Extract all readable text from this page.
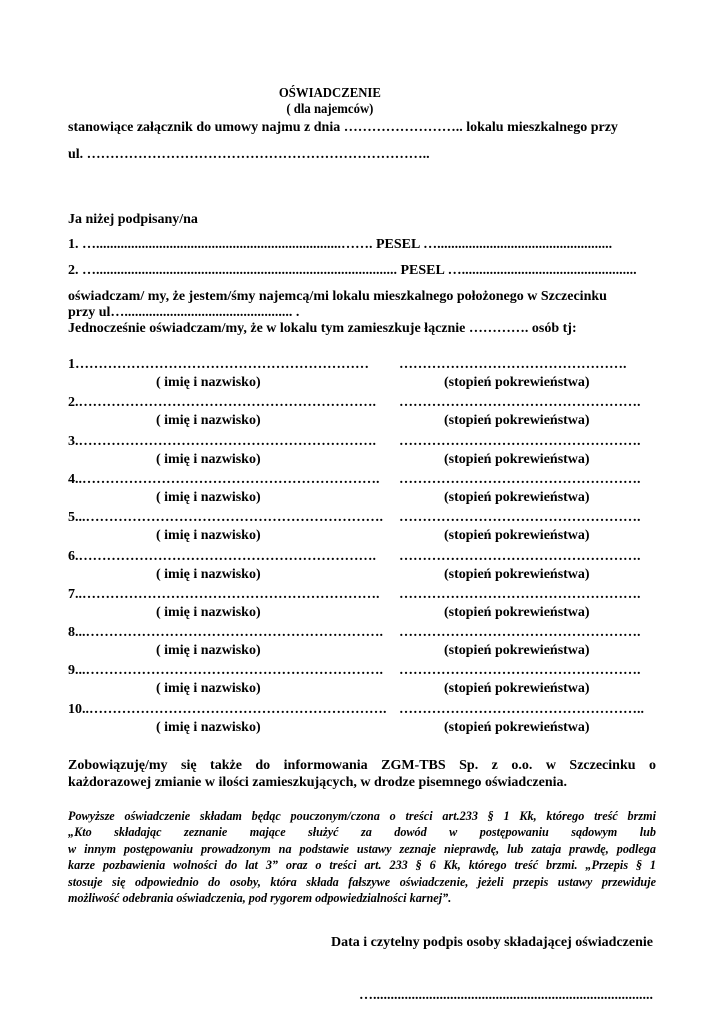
OŚWIADCZENIE
( dla najemców)
stanowiące załącznik do umowy najmu z dnia …………………….. lokalu mieszkalnego przy
ul. ………………………………………………………………..
Ja niżej podpisany/na
1. …......................................................................……. PESEL …..................................................
2. …...................................................................................... PESEL …..................................................
oświadczam/ my, że jestem/śmy najemcą/mi lokalu mieszkalnego położonego w Szczecinku
przy ul…................................................ .
Jednocześnie oświadczam/my, że w lokalu tym zamieszkuje łącznie …………. osób tj:
1……………………………………………………… ………………………………………….
( imię i nazwisko)	(stopień pokrewieństwa)
2.………………………………………………………. …………………………………………….
( imię i nazwisko)	(stopień pokrewieństwa)
3.………………………………………………………. …………………………………………….
( imię i nazwisko)	(stopień pokrewieństwa)
4..………………………………………………………. …………………………………………….
( imię i nazwisko)	(stopień pokrewieństwa)
5...………………………………………………………. …………………………………………….
( imię i nazwisko)	(stopień pokrewieństwa)
6.………………………………………………………. …………………………………………….
( imię i nazwisko)	(stopień pokrewieństwa)
7..………………………………………………………. …………………………………………….
( imię i nazwisko)	(stopień pokrewieństwa)
8...………………………………………………………. …………………………………………….
( imię i nazwisko)	(stopień pokrewieństwa)
9...………………………………………………………. …………………………………………….
( imię i nazwisko)	(stopień pokrewieństwa)
10..………………………………………………………. ……………………………………………..
( imię i nazwisko)	(stopień pokrewieństwa)
Zobowiązuję/my się także do informowania ZGM-TBS Sp. z o.o. w Szczecinku o
każdorazowej zmianie w ilości zamieszkujących, w drodze pisemnego oświadczenia.
Powyższe oświadczenie składam będąc pouczonym/czona o treści art.233 § 1 Kk, którego treść brzmi
„Kto składając zeznanie mające służyć za dowód w postępowaniu sądowym lub
w innym postępowaniu prowadzonym na podstawie ustawy zeznaje nieprawdę, lub zataja prawdę, podlega
karze pozbawienia wolności do lat 3” oraz o treści art. 233 § 6 Kk, którego treść brzmi. „Przepis § 1
stosuje się odpowiednio do osoby, która składa fałszywe oświadczenie, jeżeli przepis ustawy przewiduje
możliwość odebrania oświadczenia, pod rygorem odpowiedzialności karnej”.
Data i czytelny podpis osoby składającej oświadczenie
…................................................................................
